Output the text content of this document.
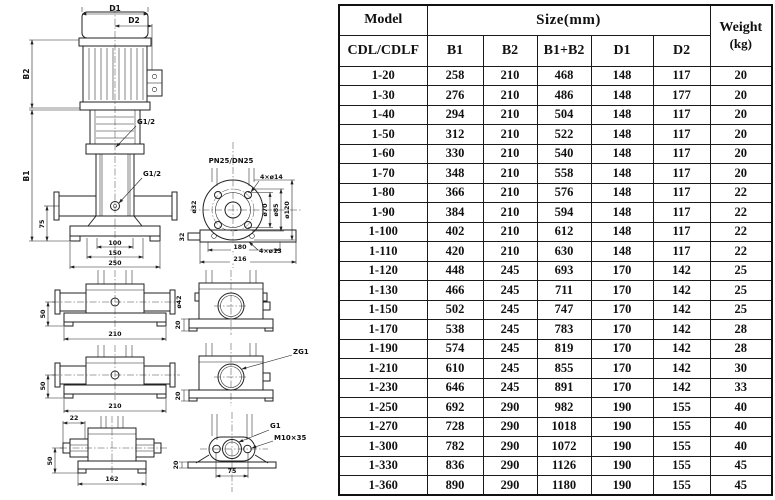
D1
D2
B2
B1
75
100
150
250
G1/2
G1/2
PN25/DN25
4×ø14
ø70 ø85 ø120
ø32
32
180
216
4×ø13
50
210
ø42
50
210
22
50
162
20
20
ZG1
G1
M10×35
75
20
Model	Size(mm)					Weight
(kg)

CDL/CDLF	B1	B2	B1+B2	D1	D2	
1-20	258	210	468	148	117	20
1-30	276	210	486	148	177	20
1-40	294	210	504	148	117	20
1-50	312	210	522	148	117	20
1-60	330	210	540	148	117	20
1-70	348	210	558	148	117	20
1-80	366	210	576	148	117	22
1-90	384	210	594	148	117	22
1-100	402	210	612	148	117	22
1-110	420	210	630	148	117	22
1-120	448	245	693	170	142	25
1-130	466	245	711	170	142	25
1-150	502	245	747	170	142	25
1-170	538	245	783	170	142	28
1-190	574	245	819	170	142	28
1-210	610	245	855	170	142	30
1-230	646	245	891	170	142	33
1-250	692	290	982	190	155	40
1-270	728	290	1018	190	155	40
1-300	782	290	1072	190	155	40
1-330	836	290	1126	190	155	45
1-360	890	290	1180	190	155	45
